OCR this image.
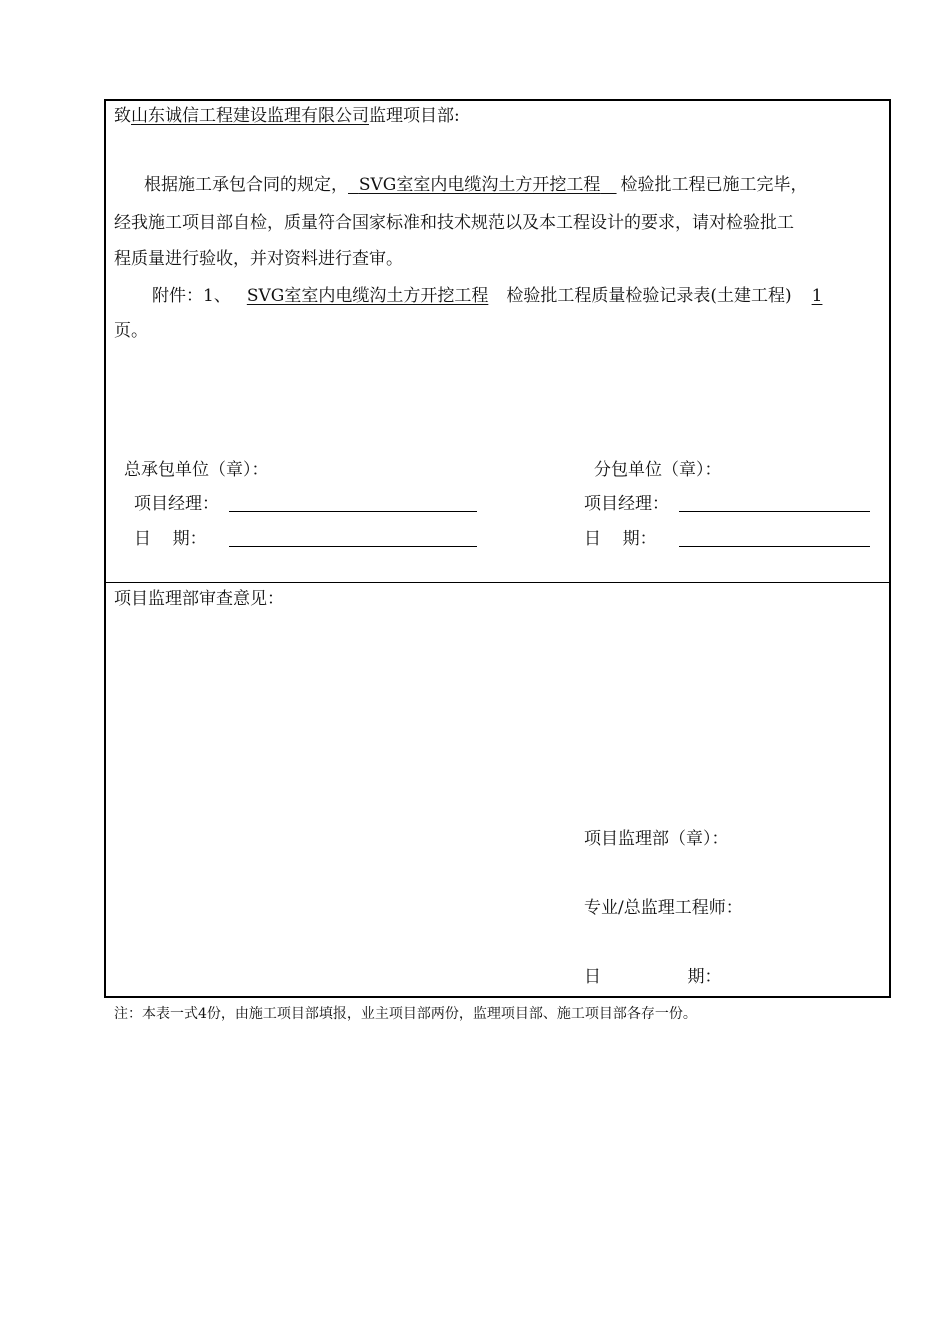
致山东诚信工程建设监理有限公司监理项目部:
根据施工承包合同的规定， SVG室室内电缆沟土方开挖工程 检验批工程已施工完毕，
经我施工项目部自检，质量符合国家标准和技术规范以及本工程设计的要求，请对检验批工
程质量进行验收，并对资料进行查审。
附件：1、 SVG室室内电缆沟土方开挖工程 检验批工程质量检验记录表(土建工程) 1
页。
总承包单位（章）：
项目经理：
日    期：
分包单位（章）：
项目经理：
日    期：
项目监理部审查意见：
项目监理部（章）：
专业/总监理工程师：
日                期：
注：本表一式4份，由施工项目部填报，业主项目部两份，监理项目部、施工项目部各存一份。
